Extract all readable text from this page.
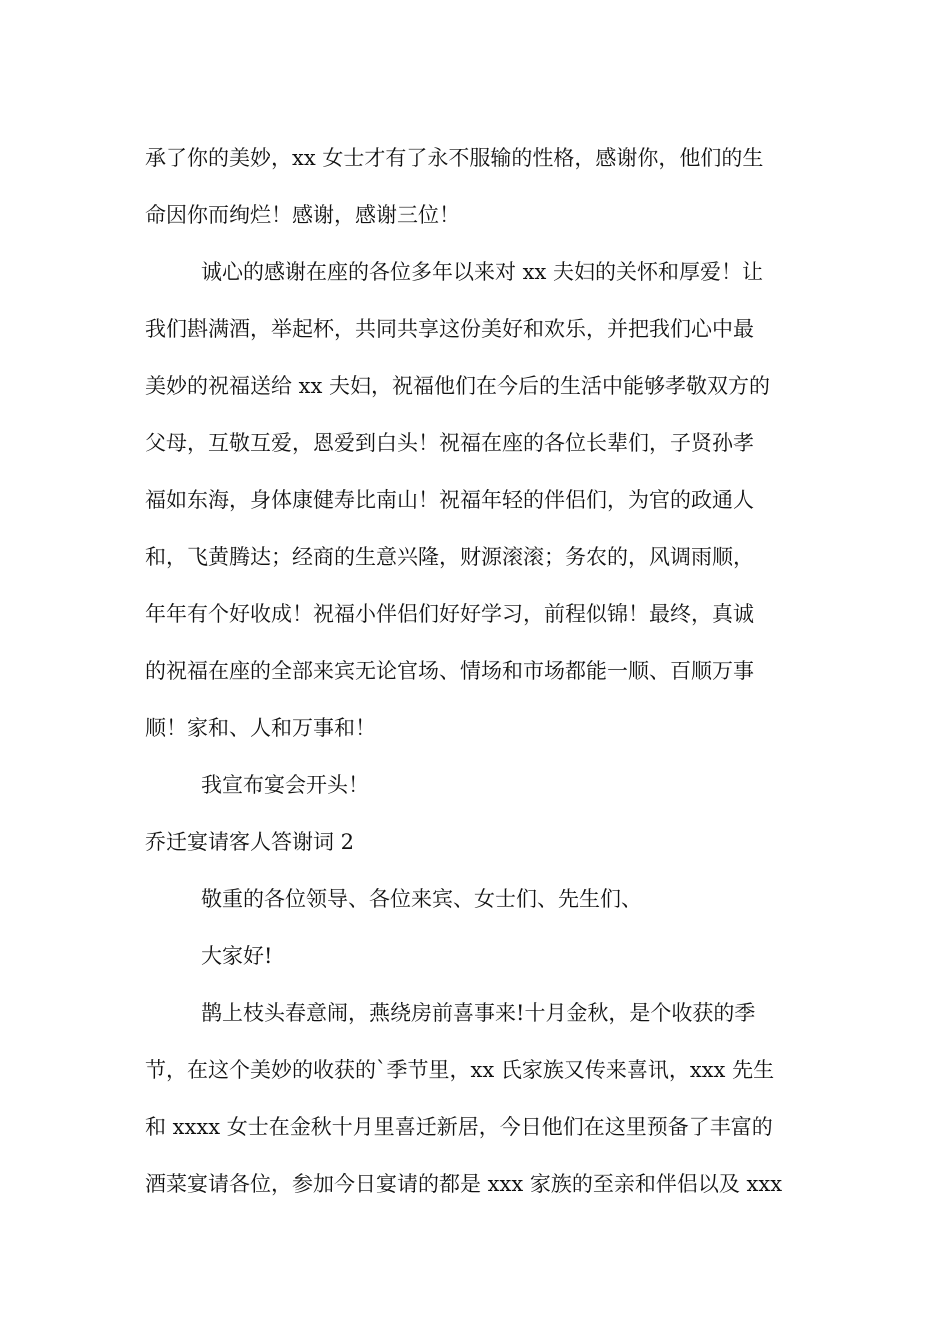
承了你的美妙，xx 女士才有了永不服输的性格，感谢你，他们的生
命因你而绚烂！感谢，感谢三位！
诚心的感谢在座的各位多年以来对 xx 夫妇的关怀和厚爱！让
我们斟满酒，举起杯，共同共享这份美好和欢乐，并把我们心中最
美妙的祝福送给 xx 夫妇，祝福他们在今后的生活中能够孝敬双方的
父母，互敬互爱，恩爱到白头！祝福在座的各位长辈们，子贤孙孝
福如东海，身体康健寿比南山！祝福年轻的伴侣们，为官的政通人
和，飞黄腾达；经商的生意兴隆，财源滚滚；务农的，风调雨顺，
年年有个好收成！祝福小伴侣们好好学习，前程似锦！最终，真诚
的祝福在座的全部来宾无论官场、情场和市场都能一顺、百顺万事
顺！家和、人和万事和！
我宣布宴会开头！
乔迁宴请客人答谢词 2
敬重的各位领导、各位来宾、女士们、先生们、
大家好!
鹊上枝头春意闹，燕绕房前喜事来!十月金秋，是个收获的季
节，在这个美妙的收获的`季节里，xx 氏家族又传来喜讯，xxx 先生
和 xxxx 女士在金秋十月里喜迁新居，今日他们在这里预备了丰富的
酒菜宴请各位，参加今日宴请的都是 xxx 家族的至亲和伴侣以及 xxx
